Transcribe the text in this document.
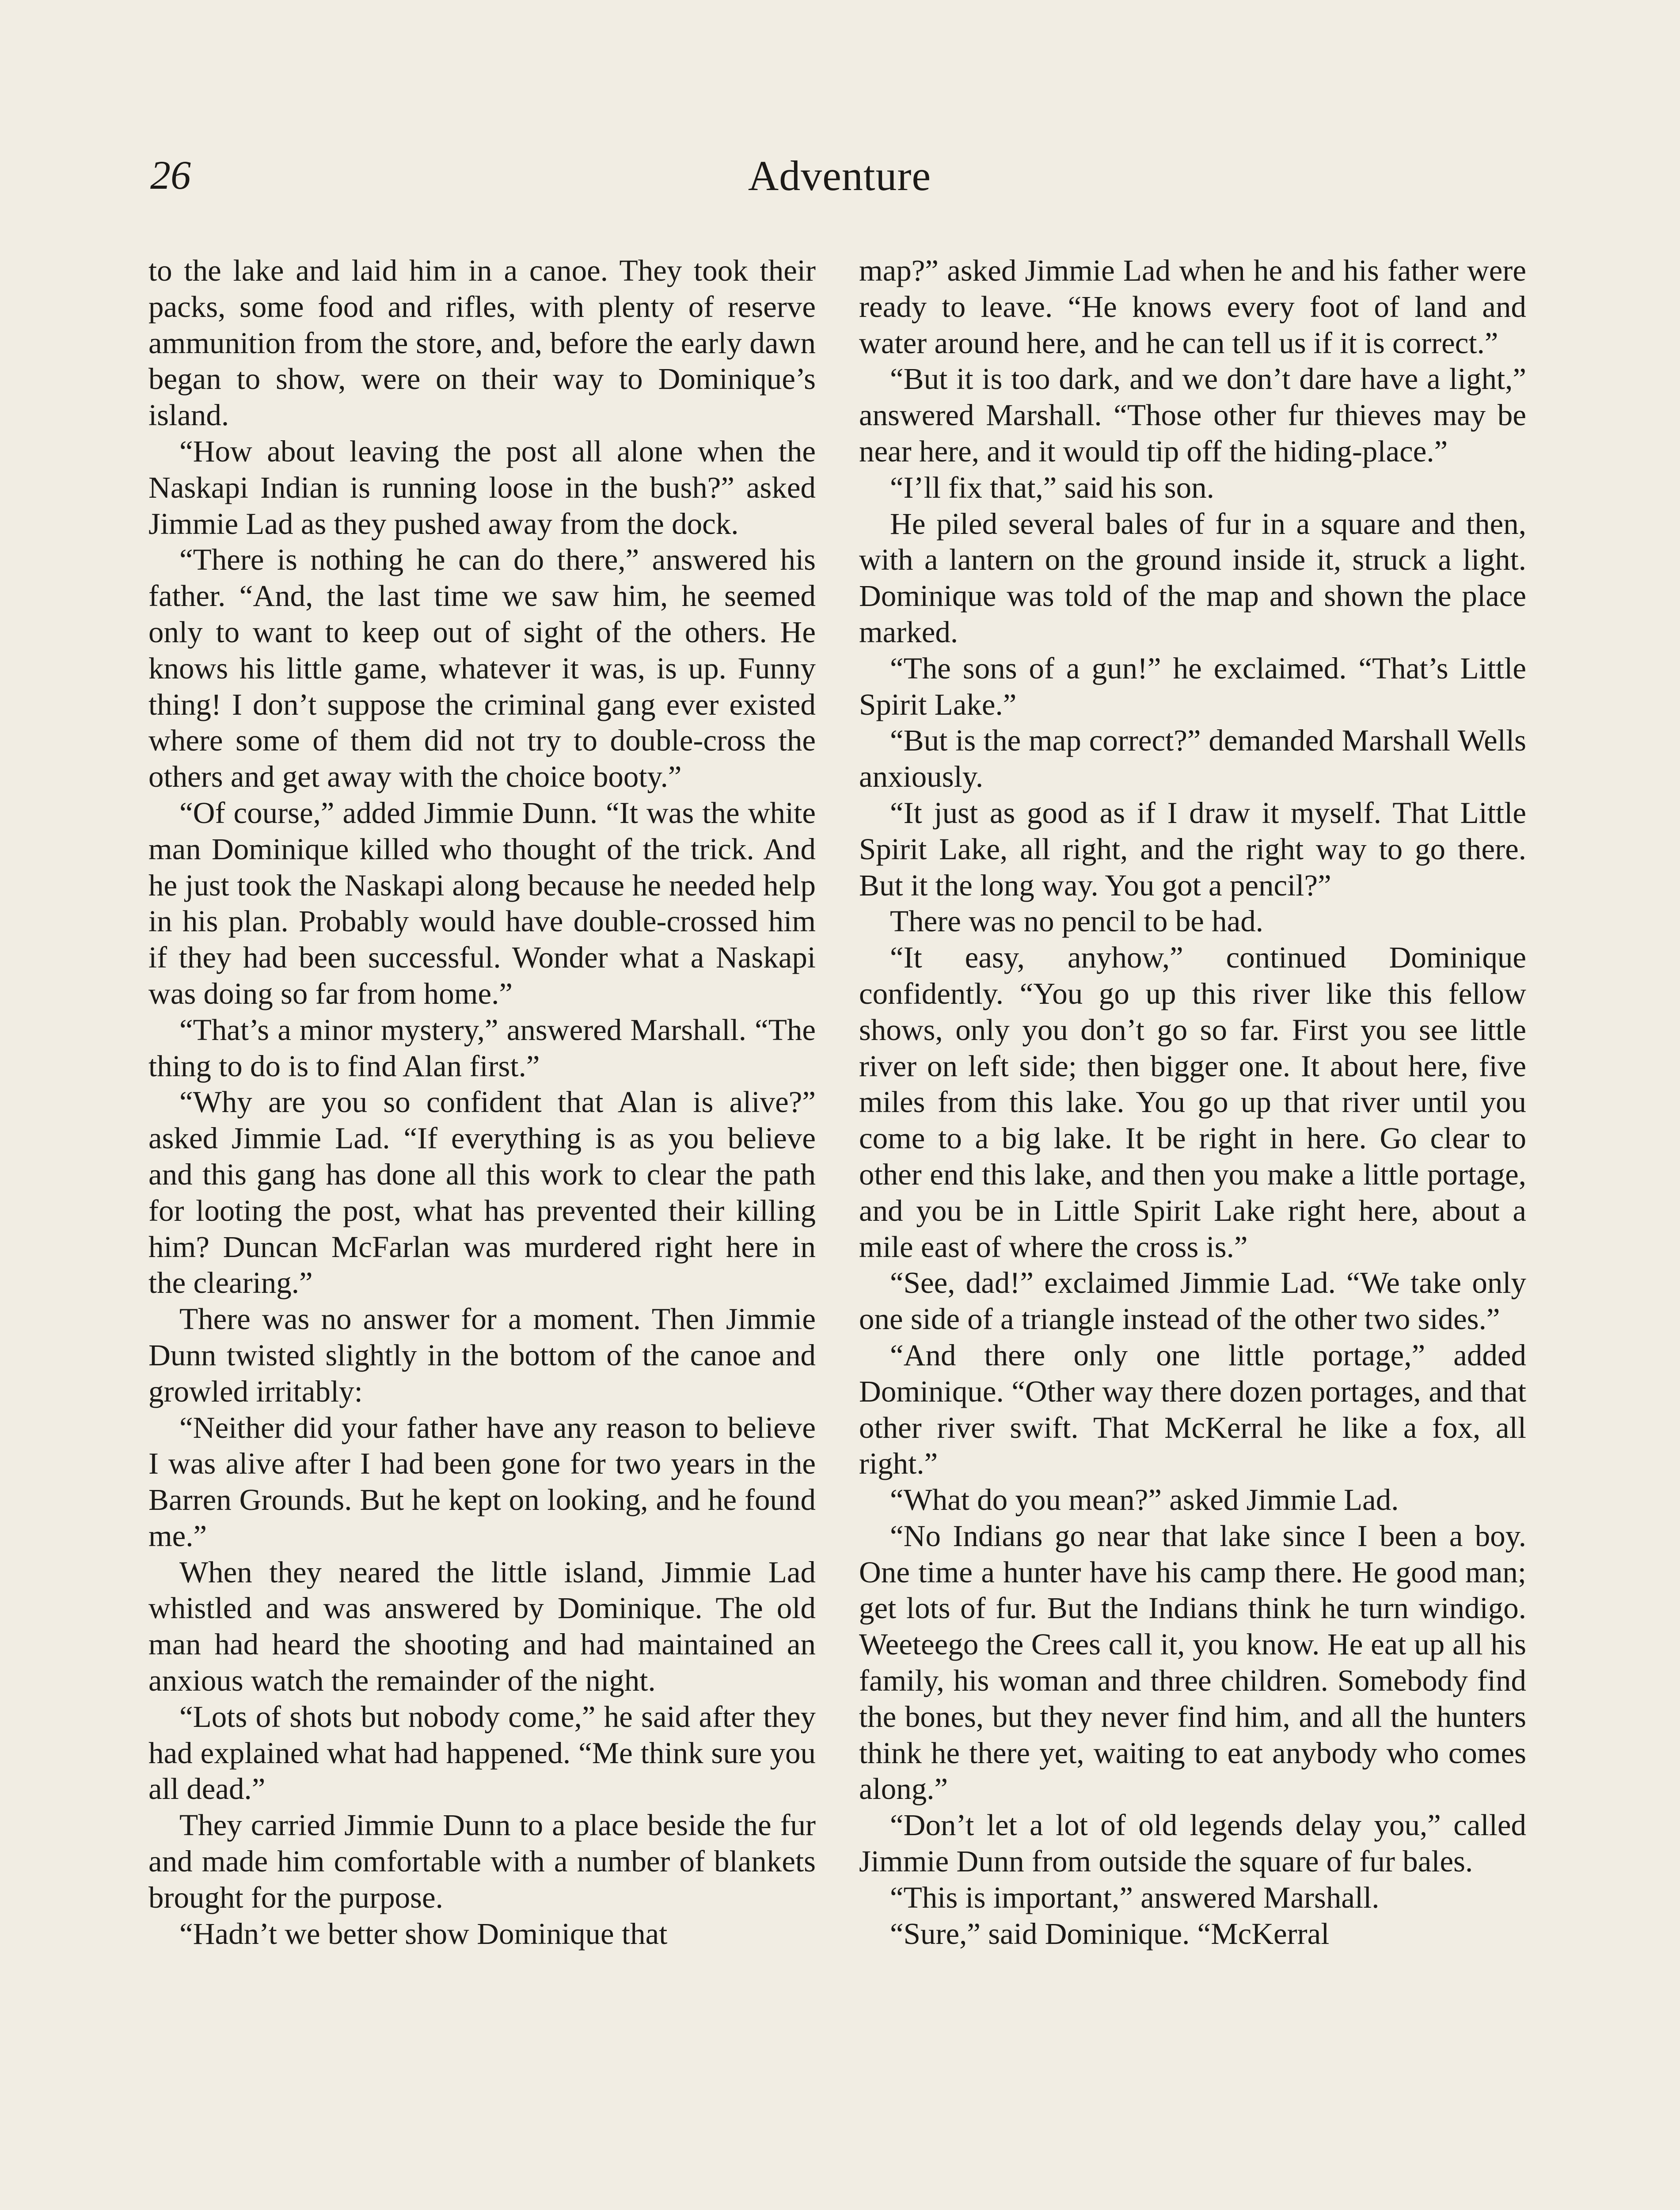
26	Adventure

to the lake and laid him in a canoe. They took their packs, some food and rifles, with plenty of reserve ammunition from the store, and, before the early dawn began to show, were on their way to Dominique’s island.

“How about leaving the post all alone when the Naskapi Indian is running loose in the bush?” asked Jimmie Lad as they pushed away from the dock.

“There is nothing he can do there,” answered his father. “And, the last time we saw him, he seemed only to want to keep out of sight of the others. He knows his little game, whatever it was, is up. Funny thing! I don’t suppose the criminal gang ever existed where some of them did not try to double-cross the others and get away with the choice booty.”

“Of course,” added Jimmie Dunn. “It was the white man Dominique killed who thought of the trick. And he just took the Naskapi along because he needed help in his plan. Probably would have double-crossed him if they had been successful. Wonder what a Naskapi was doing so far from home.”

“That’s a minor mystery,” answered Marshall. “The thing to do is to find Alan first.”

“Why are you so confident that Alan is alive?” asked Jimmie Lad. “If everything is as you believe and this gang has done all this work to clear the path for looting the post, what has prevented their killing him? Duncan McFarlan was murdered right here in the clearing.”

There was no answer for a moment. Then Jimmie Dunn twisted slightly in the bottom of the canoe and growled irritably:

“Neither did your father have any reason to believe I was alive after I had been gone for two years in the Barren Grounds. But he kept on looking, and he found me.”

When they neared the little island, Jimmie Lad whistled and was answered by Dominique. The old man had heard the shooting and had maintained an anxious watch the remainder of the night.

“Lots of shots but nobody come,” he said after they had explained what had happened. “Me think sure you all dead.”

They carried Jimmie Dunn to a place beside the fur and made him comfortable with a number of blankets brought for the purpose.

“Hadn’t we better show Dominique that

map?” asked Jimmie Lad when he and his father were ready to leave. “He knows every foot of land and water around here, and he can tell us if it is correct.”

“But it is too dark, and we don’t dare have a light,” answered Marshall. “Those other fur thieves may be near here, and it would tip off the hiding-place.”

“I’ll fix that,” said his son.

He piled several bales of fur in a square and then, with a lantern on the ground inside it, struck a light. Dominique was told of the map and shown the place marked.

“The sons of a gun!” he exclaimed. “That’s Little Spirit Lake.”

“But is the map correct?” demanded Marshall Wells anxiously.

“It just as good as if I draw it myself. That Little Spirit Lake, all right, and the right way to go there. But it the long way. You got a pencil?”

There was no pencil to be had.

“It easy, anyhow,” continued Dominique confidently. “You go up this river like this fellow shows, only you don’t go so far. First you see little river on left side; then bigger one. It about here, five miles from this lake. You go up that river until you come to a big lake. It be right in here. Go clear to other end this lake, and then you make a little portage, and you be in Little Spirit Lake right here, about a mile east of where the cross is.”

“See, dad!” exclaimed Jimmie Lad. “We take only one side of a triangle instead of the other two sides.”

“And there only one little portage,” added Dominique. “Other way there dozen portages, and that other river swift. That McKerral he like a fox, all right.”

“What do you mean?” asked Jimmie Lad.

“No Indians go near that lake since I been a boy. One time a hunter have his camp there. He good man; get lots of fur. But the Indians think he turn windigo. Weeteego the Crees call it, you know. He eat up all his family, his woman and three children. Somebody find the bones, but they never find him, and all the hunters think he there yet, waiting to eat anybody who comes along.”

“Don’t let a lot of old legends delay you,” called Jimmie Dunn from outside the square of fur bales.

“This is important,” answered Marshall.

“Sure,” said Dominique. “McKerral
